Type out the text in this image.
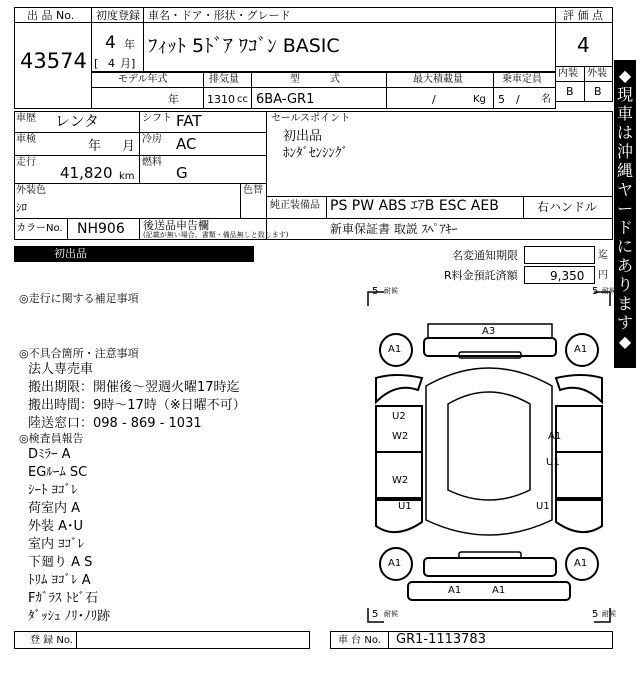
出 品 No.
43574
初度登録
4 年
[ 4 月]
車名・ドア・形状・グレード
ﾌｨｯﾄ 5ﾄﾞｱ ﾜｺﾞﾝ BASIC
評 価 点
4
内装 外装
B B
モデル年式
年
排気量
1310 cc
型　　　式
6BA-GR1
最大積載量
/	Kg
乗車定員
5 / 名
車歴 レンタ	シフト FAT
車検	年 月 冷房 AC
走行
41,820 km
燃料
G
外装色
ｼﾛ
色替
カラーNo. NH906 後送品申告欄
(記載が無い場合、書類・備品無しと致します)
セールスポイント
初出品
ﾎﾝﾀﾞｾﾝｼﾝｸﾞ
純正装備品 PS PW ABS ｴｱB ESC AEB	右ハンドル
新車保証書 取説 ｽﾍﾟｱｷｰ
初出品	名変通知期限	迄
R料金預託済額	9,350 円
◆
現
車
は
沖
縄
ヤ
ー
ド
に
あ
り
ま
す
◆
◎走行に関する補足事項
◎不具合箇所・注意事項
法人専売車
搬出期限：開催後～翌週火曜17時迄
搬出時間：9時～17時（※日曜不可）
陸送窓口：098 - 869 - 1031
◎検査員報告
Dﾐﾗｰ A
EGﾙｰﾑ SC
ｼｰﾄ ﾖｺﾞﾚ
荷室内 A
外装 A･U
室内 ﾖｺﾞﾚ
下廻り A S
ﾄﾘﾑ ﾖｺﾞﾚ A
Fｶﾞﾗｽ ﾄﾋﾞ石
ﾀﾞｯｼｭ ﾉﾘ･ﾉﾘ跡
5 耐候	5 耐候
5 耐候	5 耐候
A3
A1	A1
U2
W2
W2
U1
A1
U1
U1
A1	A1
A1	A1
登 録 No.	車 台 No. GR1-1113783
